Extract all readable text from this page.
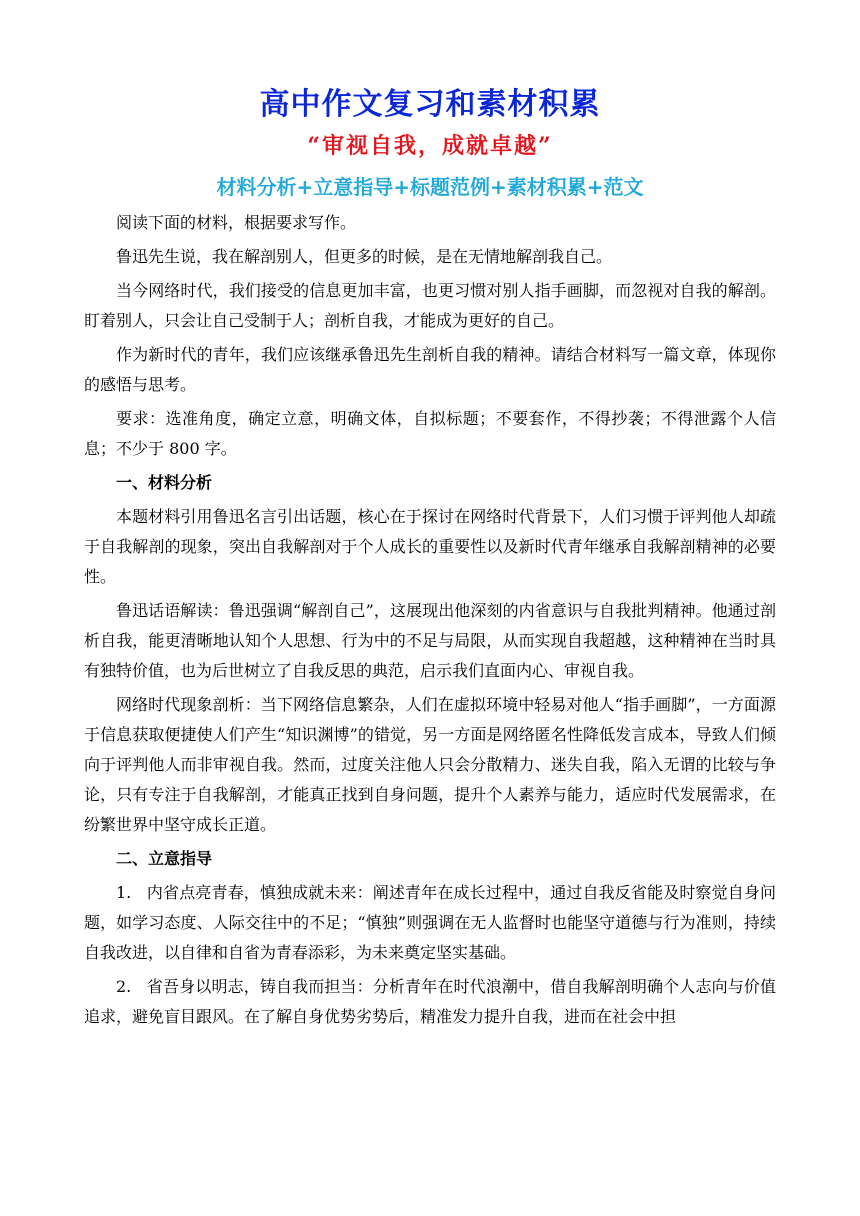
高中作文复习和素材积累
“审视自我，成就卓越”
材料分析+立意指导+标题范例+素材积累+范文

阅读下面的材料，根据要求写作。

鲁迅先生说，我在解剖别人，但更多的时候，是在无情地解剖我自己。

当今网络时代，我们接受的信息更加丰富，也更习惯对别人指手画脚，而忽视对自我的解剖。盯着别人，只会让自己受制于人；剖析自我，才能成为更好的自己。

作为新时代的青年，我们应该继承鲁迅先生剖析自我的精神。请结合材料写一篇文章，体现你的感悟与思考。

要求：选准角度，确定立意，明确文体，自拟标题；不要套作，不得抄袭；不得泄露个人信息；不少于 800 字。

一、材料分析

本题材料引用鲁迅名言引出话题，核心在于探讨在网络时代背景下，人们习惯于评判他人却疏于自我解剖的现象，突出自我解剖对于个人成长的重要性以及新时代青年继承自我解剖精神的必要性。

鲁迅话语解读：鲁迅强调“解剖自己”，这展现出他深刻的内省意识与自我批判精神。他通过剖析自我，能更清晰地认知个人思想、行为中的不足与局限，从而实现自我超越，这种精神在当时具有独特价值，也为后世树立了自我反思的典范，启示我们直面内心、审视自我。

网络时代现象剖析：当下网络信息繁杂，人们在虚拟环境中轻易对他人“指手画脚”，一方面源于信息获取便捷使人们产生“知识渊博”的错觉，另一方面是网络匿名性降低发言成本，导致人们倾向于评判他人而非审视自我。然而，过度关注他人只会分散精力、迷失自我，陷入无谓的比较与争论，只有专注于自我解剖，才能真正找到自身问题，提升个人素养与能力，适应时代发展需求，在纷繁世界中坚守成长正道。

二、立意指导

1.   内省点亮青春，慎独成就未来：阐述青年在成长过程中，通过自我反省能及时察觉自身问题，如学习态度、人际交往中的不足；“慎独”则强调在无人监督时也能坚守道德与行为准则，持续自我改进，以自律和自省为青春添彩，为未来奠定坚实基础。

2.   省吾身以明志，铸自我而担当：分析青年在时代浪潮中，借自我解剖明确个人志向与价值追求，避免盲目跟风。在了解自身优势劣势后，精准发力提升自我，进而在社会中担
